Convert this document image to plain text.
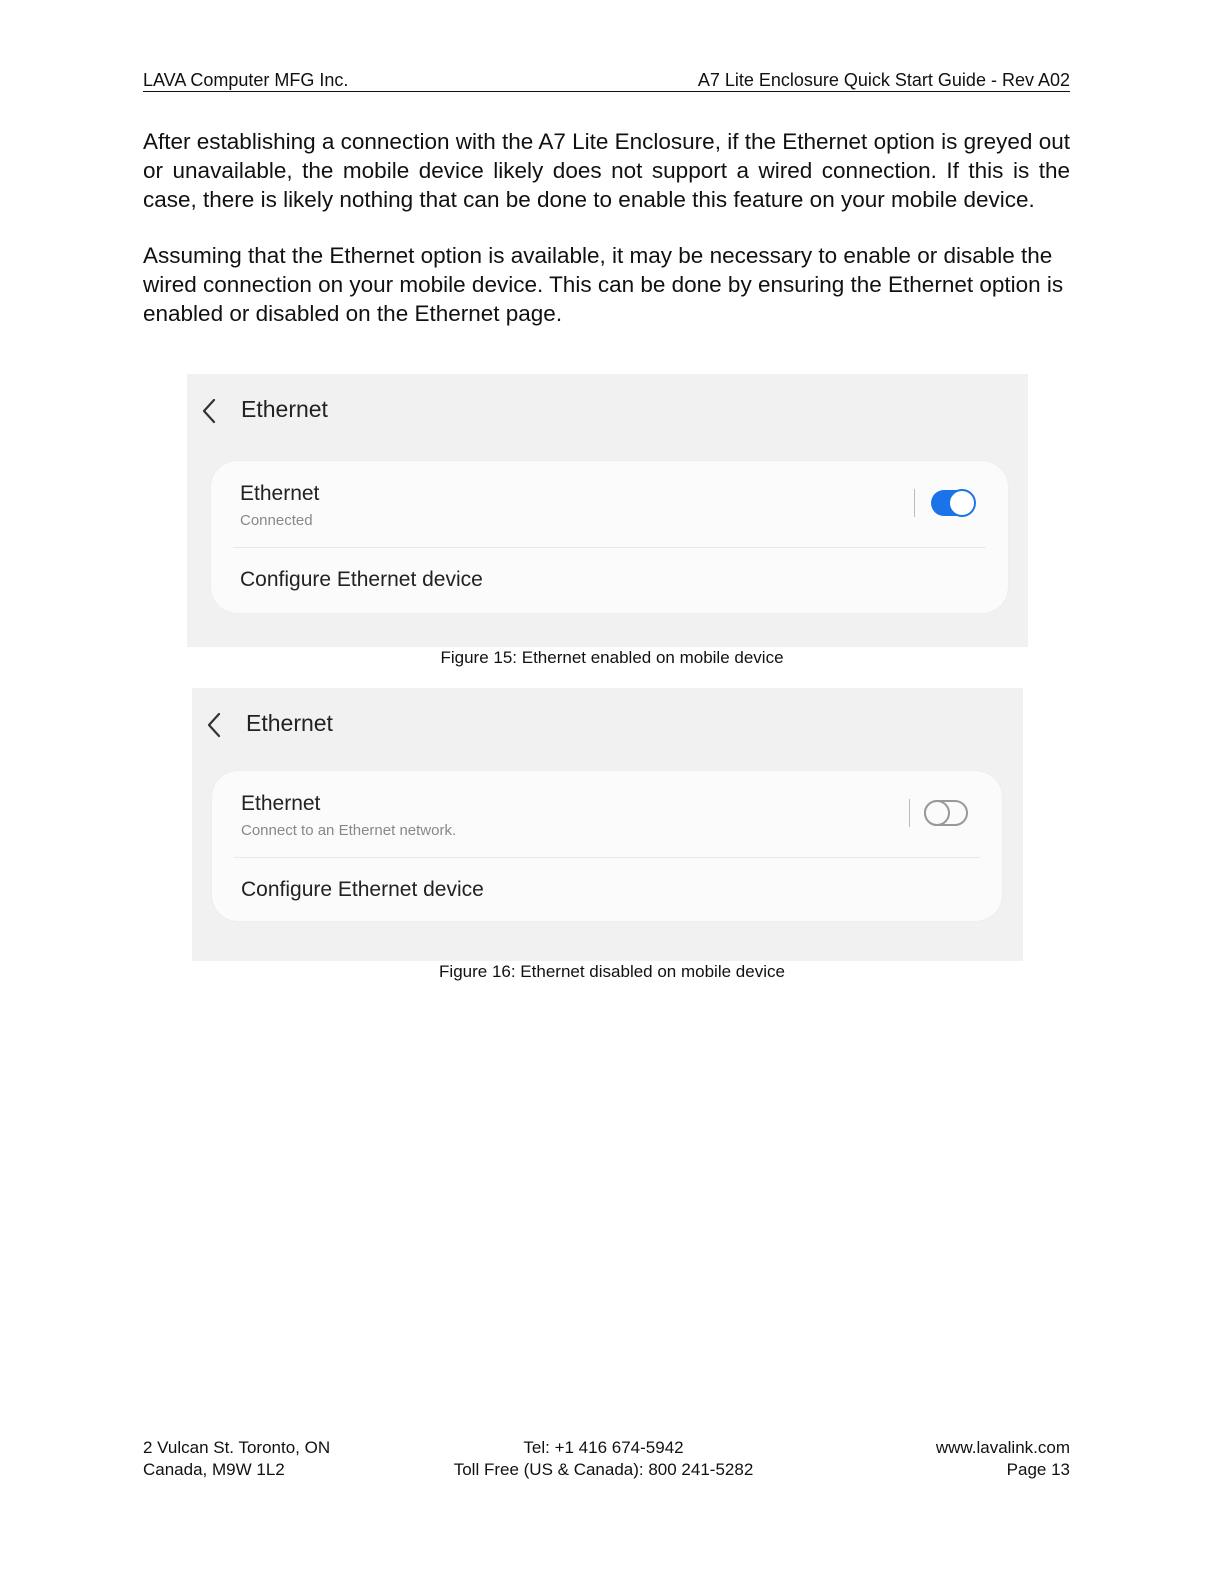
LAVA Computer MFG Inc.	A7 Lite Enclosure Quick Start Guide - Rev A02

After establishing a connection with the A7 Lite Enclosure, if the Ethernet option is greyed out or unavailable, the mobile device likely does not support a wired connection. If this is the case, there is likely nothing that can be done to enable this feature on your mobile device.

Assuming that the Ethernet option is available, it may be necessary to enable or disable the wired connection on your mobile device. This can be done by ensuring the Ethernet option is enabled or disabled on the Ethernet page.

Ethernet
Ethernet
Connected
Configure Ethernet device
Figure 15: Ethernet enabled on mobile device
Ethernet
Ethernet
Connect to an Ethernet network.
Configure Ethernet device
Figure 16: Ethernet disabled on mobile device
2 Vulcan St. Toronto, ON
Canada, M9W 1L2
Tel: +1 416 674-5942
Toll Free (US & Canada): 800 241-5282
www.lavalink.com
Page 13
